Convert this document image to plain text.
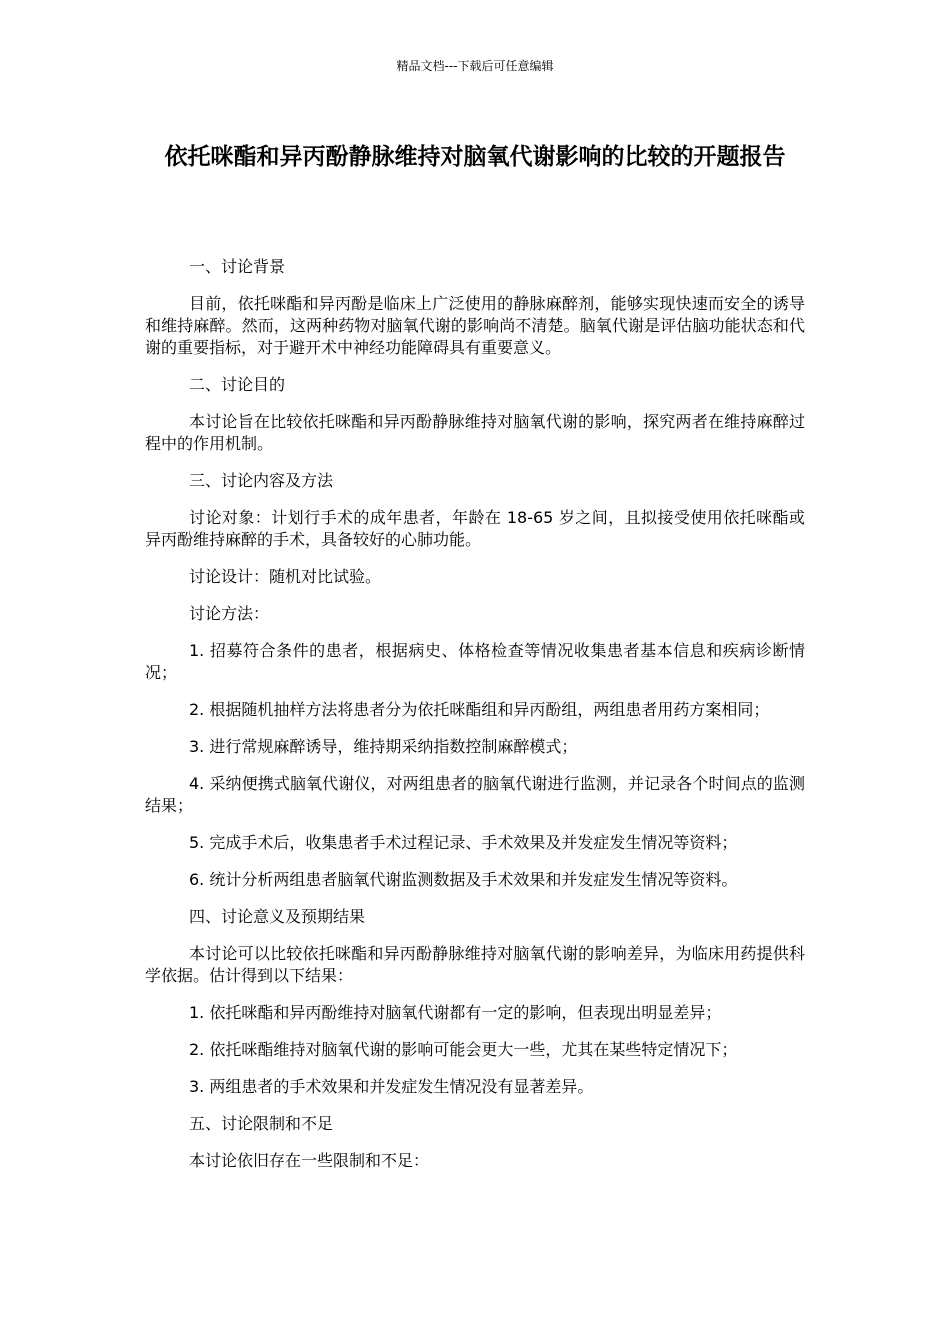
精品文档---下载后可任意编辑
依托咪酯和异丙酚静脉维持对脑氧代谢影响的比较的开题报告

一、讨论背景

目前，依托咪酯和异丙酚是临床上广泛使用的静脉麻醉剂，能够实现快速而安全的诱导和维持麻醉。然而，这两种药物对脑氧代谢的影响尚不清楚。脑氧代谢是评估脑功能状态和代谢的重要指标，对于避开术中神经功能障碍具有重要意义。

二、讨论目的

本讨论旨在比较依托咪酯和异丙酚静脉维持对脑氧代谢的影响，探究两者在维持麻醉过程中的作用机制。

三、讨论内容及方法

讨论对象：计划行手术的成年患者，年龄在 18-65 岁之间，且拟接受使用依托咪酯或异丙酚维持麻醉的手术，具备较好的心肺功能。

讨论设计：随机对比试验。

讨论方法：

1. 招募符合条件的患者，根据病史、体格检查等情况收集患者基本信息和疾病诊断情况；

2. 根据随机抽样方法将患者分为依托咪酯组和异丙酚组，两组患者用药方案相同；

3. 进行常规麻醉诱导，维持期采纳指数控制麻醉模式；

4. 采纳便携式脑氧代谢仪，对两组患者的脑氧代谢进行监测，并记录各个时间点的监测结果；

5. 完成手术后，收集患者手术过程记录、手术效果及并发症发生情况等资料；

6. 统计分析两组患者脑氧代谢监测数据及手术效果和并发症发生情况等资料。

四、讨论意义及预期结果

本讨论可以比较依托咪酯和异丙酚静脉维持对脑氧代谢的影响差异，为临床用药提供科学依据。估计得到以下结果：

1. 依托咪酯和异丙酚维持对脑氧代谢都有一定的影响，但表现出明显差异；

2. 依托咪酯维持对脑氧代谢的影响可能会更大一些，尤其在某些特定情况下；

3. 两组患者的手术效果和并发症发生情况没有显著差异。

五、讨论限制和不足

本讨论依旧存在一些限制和不足：
